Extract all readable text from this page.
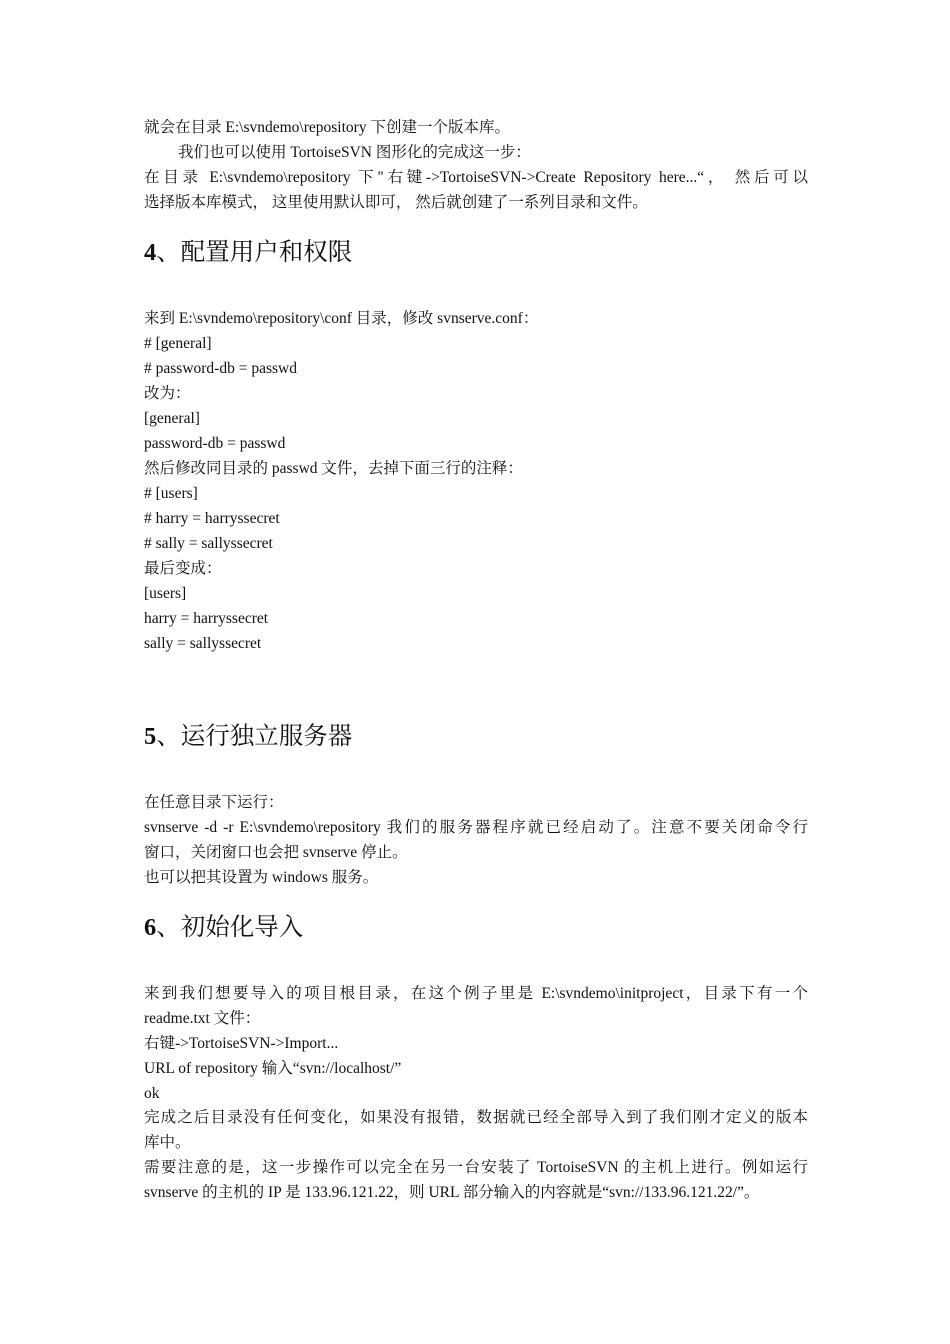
就会在目录 E:\svndemo\repository 下创建一个版本库。
我们也可以使用 TortoiseSVN 图形化的完成这一步：
在目录 E:\svndemo\repository 下"右键->TortoiseSVN->Create Repository here...“， 然后可以
选择版本库模式， 这里使用默认即可， 然后就创建了一系列目录和文件。
4、配置用户和权限
来到 E:\svndemo\repository\conf 目录，修改 svnserve.conf：
# [general]
# password-db = passwd
改为：
[general]
password-db = passwd
然后修改同目录的 passwd 文件，去掉下面三行的注释：
# [users]
# harry = harryssecret
# sally = sallyssecret
最后变成：
[users]
harry = harryssecret
sally = sallyssecret
5、运行独立服务器
在任意目录下运行：
svnserve -d -r E:\svndemo\repository 我们的服务器程序就已经启动了。注意不要关闭命令行
窗口，关闭窗口也会把 svnserve 停止。
也可以把其设置为 windows 服务。
6、初始化导入
来到我们想要导入的项目根目录，在这个例子里是 E:\svndemo\initproject，目录下有一个
readme.txt 文件：
右键->TortoiseSVN->Import...
URL of repository 输入“svn://localhost/”
ok
完成之后目录没有任何变化，如果没有报错，数据就已经全部导入到了我们刚才定义的版本
库中。
需要注意的是，这一步操作可以完全在另一台安装了 TortoiseSVN 的主机上进行。例如运行
svnserve 的主机的 IP 是 133.96.121.22，则 URL 部分输入的内容就是“svn://133.96.121.22/”。
